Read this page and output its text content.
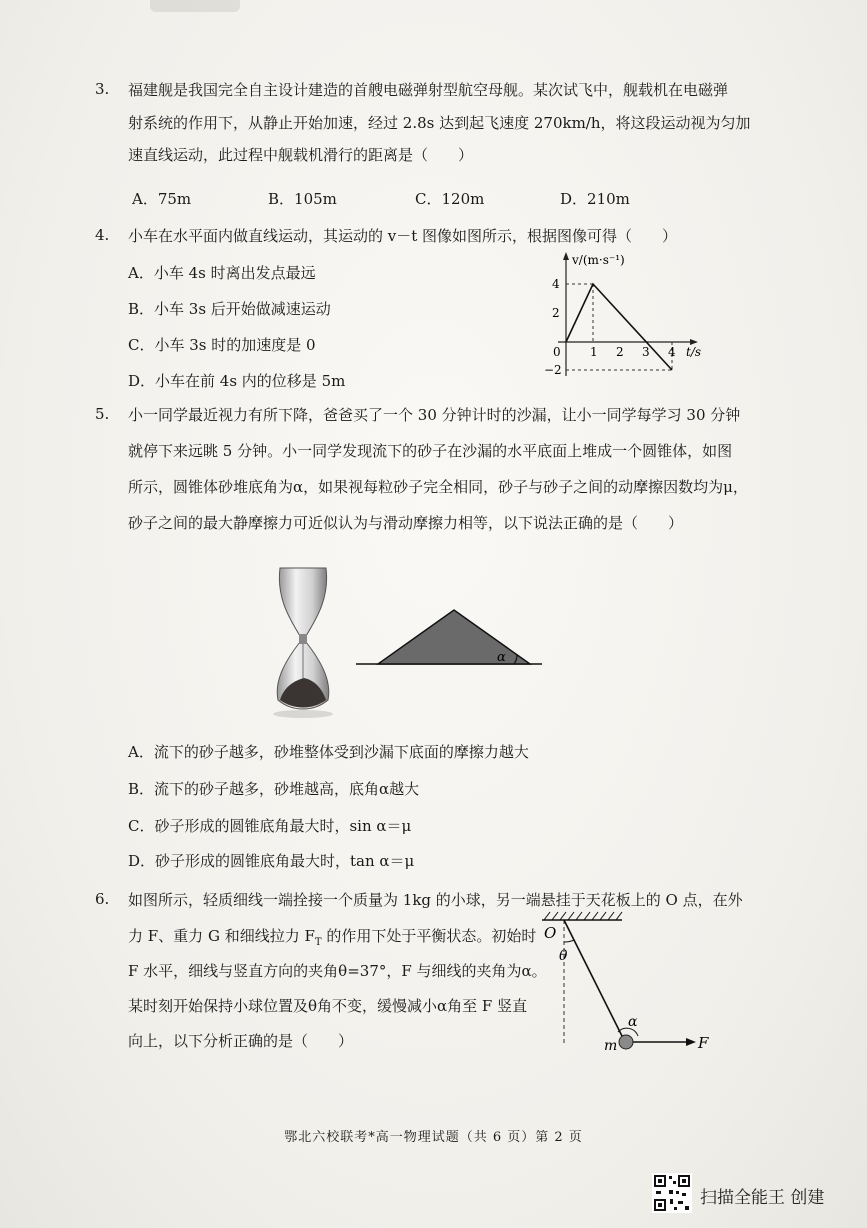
3. 福建舰是我国完全自主设计建造的首艘电磁弹射型航空母舰。某次试飞中，舰载机在电磁弹
射系统的作用下，从静止开始加速，经过 2.8s 达到起飞速度 270km/h，将这段运动视为匀加
速直线运动，此过程中舰载机滑行的距离是（　　）
A．75m	B．105m	C．120m	D．210m
4. 小车在水平面内做直线运动，其运动的 v－t 图像如图所示，根据图像可得（　　）
A．小车 4s 时离出发点最远
B．小车 3s 后开始做减速运动
C．小车 3s 时的加速度是 0
D．小车在前 4s 内的位移是 5m
v/(m·s⁻¹)
t/s
4
2
−2
0 1 2 3 4
5. 小一同学最近视力有所下降，爸爸买了一个 30 分钟计时的沙漏，让小一同学每学习 30 分钟
就停下来远眺 5 分钟。小一同学发现流下的砂子在沙漏的水平底面上堆成一个圆锥体，如图
所示，圆锥体砂堆底角为α，如果视每粒砂子完全相同，砂子与砂子之间的动摩擦因数均为μ，
砂子之间的最大静摩擦力可近似认为与滑动摩擦力相等，以下说法正确的是（　　）
α
A．流下的砂子越多，砂堆整体受到沙漏下底面的摩擦力越大
B．流下的砂子越多，砂堆越高，底角α越大
C．砂子形成的圆锥底角最大时，sin α＝μ
D．砂子形成的圆锥底角最大时，tan α＝μ
6. 如图所示，轻质细线一端拴接一个质量为 1kg 的小球，另一端悬挂于天花板上的 O 点，在外
力 F、重力 G 和细线拉力 $F_T$ 的作用下处于平衡状态。初始时
F 水平，细线与竖直方向的夹角θ=37°，F 与细线的夹角为α。
某时刻开始保持小球位置及θ角不变，缓慢减小α角至 F 竖直
向上，以下分析正确的是（　　）
O
θ
α
m	F
鄂北六校联考*高一物理试题（共 6 页）第 2 页
扫描全能王 创建
